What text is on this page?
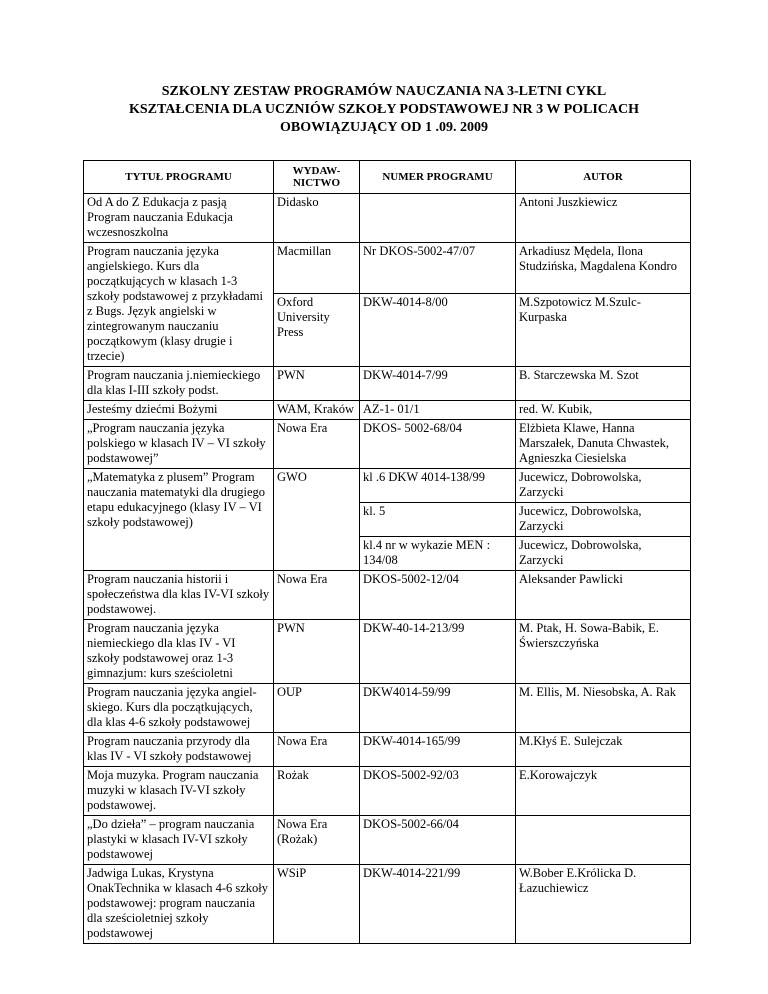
SZKOLNY ZESTAW PROGRAMÓW NAUCZANIA NA 3-LETNI CYKL
KSZTAŁCENIA DLA UCZNIÓW SZKOŁY PODSTAWOWEJ NR 3 W POLICACH
OBOWIĄZUJĄCY OD 1 .09. 2009
TYTUŁ PROGRAMU	WYDAW-NICTWO	NUMER PROGRAMU	AUTOR
Od A do Z Edukacja z pasją Program nauczania Edukacja wczesnoszkolna	Didasko		Antoni Juszkiewicz
Program nauczania języka angielskiego. Kurs dla początkujących w klasach 1-3 szkoły podstawowej z przykładami z Bugs. Język angielski w zintegrowanym nauczaniu początkowym (klasy drugie i trzecie)	Macmillan	Nr DKOS-5002-47/07	Arkadiusz Mędela, Ilona Studzińska, Magdalena Kondro
	Oxford University Press	DKW-4014-8/00	M.Szpotowicz M.Szulc-Kurpaska
Program nauczania j.niemieckiego dla klas I-III szkoły podst.	PWN	DKW-4014-7/99	B. Starczewska M. Szot
Jesteśmy dziećmi Bożymi	WAM, Kraków	AZ-1- 01/1	red. W. Kubik,
„Program nauczania języka polskiego w klasach IV – VI szkoły podstawowej”	Nowa Era	DKOS- 5002-68/04	Elżbieta Klawe, Hanna Marszałek, Danuta Chwastek, Agnieszka Ciesielska
„Matematyka z plusem” Program nauczania matematyki dla drugiego etapu edukacyjnego (klasy IV – VI szkoły podstawowej)	GWO	kl .6 DKW 4014-138/99	Jucewicz, Dobrowolska, Zarzycki
		kl. 5	Jucewicz, Dobrowolska, Zarzycki
		kl.4 nr w wykazie MEN : 134/08	Jucewicz, Dobrowolska, Zarzycki
Program nauczania historii i społeczeństwa dla klas IV-VI szkoły podstawowej.	Nowa Era	DKOS-5002-12/04	Aleksander Pawlicki
Program nauczania języka niemieckiego dla klas IV - VI szkoły podstawowej oraz 1-3 gimnazjum: kurs sześcioletni	PWN	DKW-40-14-213/99	M. Ptak, H. Sowa-Babik, E. Świerszczyńska
Program nauczania języka angiel-skiego. Kurs dla początkujących, dla klas 4-6 szkoły podstawowej	OUP	DKW4014-59/99	M. Ellis, M. Niesobska, A. Rak
Program nauczania przyrody dla klas IV - VI szkoły podstawowej	Nowa Era	DKW-4014-165/99	M.Kłyś E. Sulejczak
Moja muzyka. Program nauczania muzyki w klasach IV-VI szkoły podstawowej.	Rożak	DKOS-5002-92/03	E.Korowajczyk
„Do dzieła” – program nauczania plastyki w klasach IV-VI szkoły podstawowej	Nowa Era (Rożak)	DKOS-5002-66/04	
Jadwiga Lukas, Krystyna OnakTechnika w klasach 4-6 szkoły podstawowej: program nauczania dla sześcioletniej szkoły podstawowej	WSiP	DKW-4014-221/99	W.Bober E.Królicka D. Łazuchiewicz
